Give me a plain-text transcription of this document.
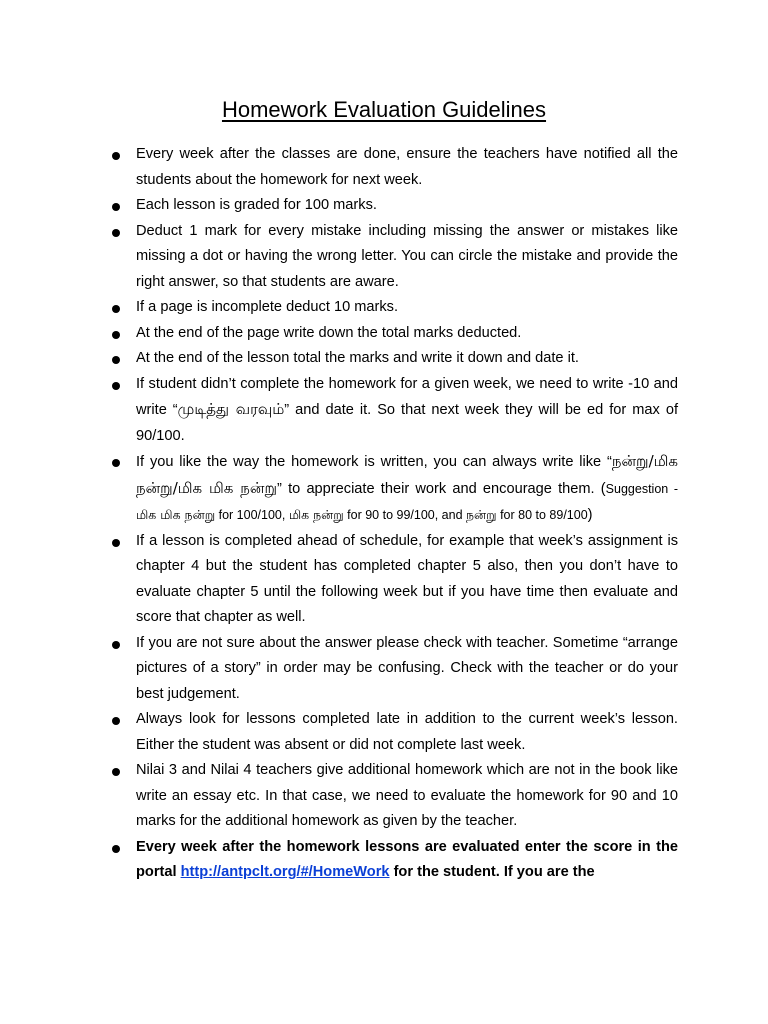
Homework Evaluation Guidelines
Every week after the classes are done, ensure the teachers have notified all the students about the homework for next week.
Each lesson is graded for 100 marks.
Deduct 1 mark for every mistake including missing the answer or mistakes like missing a dot or having the wrong letter. You can circle the mistake and provide the right answer, so that students are aware.
If a page is incomplete deduct 10 marks.
At the end of the page write down the total marks deducted.
At the end of the lesson total the marks and write it down and date it.
If student didn’t complete the homework for a given week, we need to write -10 and write “முடித்து வரவும்” and date it. So that next week they will be ed for max of 90/100.
If you like the way the homework is written, you can always write like “நன்று/மிக நன்று/மிக மிக நன்று” to appreciate their work and encourage them. (Suggestion - மிக மிக நன்று for 100/100, மிக நன்று for 90 to 99/100, and நன்று for 80 to 89/100)
If a lesson is completed ahead of schedule, for example that week’s assignment is chapter 4 but the student has completed chapter 5 also, then you don’t have to evaluate chapter 5 until the following week but if you have time then evaluate and score that chapter as well.
If you are not sure about the answer please check with teacher. Sometime “arrange pictures of a story” in order may be confusing. Check with the teacher or do your best judgement.
Always look for lessons completed late in addition to the current week’s lesson. Either the student was absent or did not complete last week.
Nilai 3 and Nilai 4 teachers give additional homework which are not in the book like write an essay etc. In that case, we need to evaluate the homework for 90 and 10 marks for the additional homework as given by the teacher.
Every week after the homework lessons are evaluated enter the score in the portal http://antpclt.org/#/HomeWork for the student. If you are the
